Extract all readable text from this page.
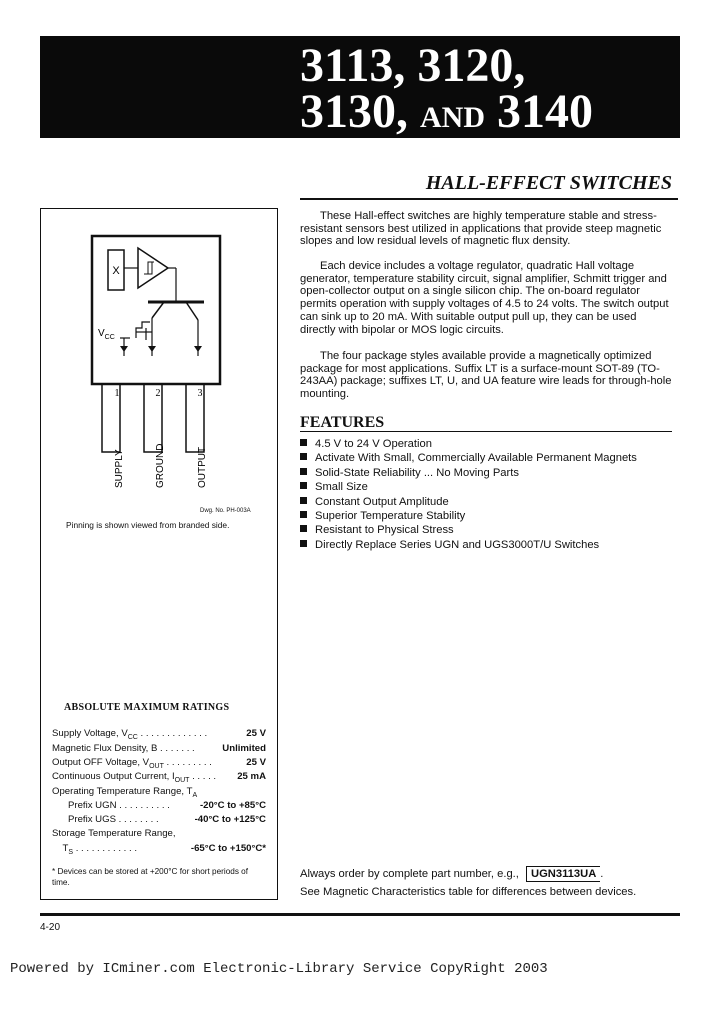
3113, 3120,
3130, AND 3140
HALL-EFFECT SWITCHES
X
$V_{CC}$
1	2	3
SUPPLY	GROUND	OUTPUT
Dwg. No. PH-003A
Pinning is shown viewed from branded side.
ABSOLUTE MAXIMUM RATINGS
Supply Voltage, $V_{CC}$ . . . . . . . . . . . . .	25 V
Magnetic Flux Density, B . . . . . . .	Unlimited
Output OFF Voltage, $V_{OUT}$ . . . . . . . . .	25 V
Continuous Output Current, $I_{OUT}$ . . . . . 25 mA
Operating Temperature Range, $T_A$
Prefix UGN . . . . . . . . . .	-20°C to +85°C
Prefix UGS . . . . . . . .	-40°C to +125°C
Storage Temperature Range,
$T_S$ . . . . . . . . . . . .	-65°C to +150°C*
* Devices can be stored at +200°C for short periods of time.
These Hall-effect switches are highly temperature stable and stress-resistant sensors best utilized in applications that provide steep magnetic slopes and low residual levels of magnetic flux density.
Each device includes a voltage regulator, quadratic Hall voltage generator, temperature stability circuit, signal amplifier, Schmitt trigger and open-collector output on a single silicon chip. The on-board regulator permits operation with supply voltages of 4.5 to 24 volts. The switch output can sink up to 20 mA. With suitable output pull up, they can be used directly with bipolar or MOS logic circuits.
The four package styles available provide a magnetically optimized package for most applications. Suffix LT is a surface-mount SOT-89 (TO-243AA) package; suffixes LT, U, and UA feature wire leads for through-hole mounting.
FEATURES
4.5 V to 24 V Operation
Activate With Small, Commercially Available Permanent Magnets
Solid-State Reliability ... No Moving Parts
Small Size
Constant Output Amplitude
Superior Temperature Stability
Resistant to Physical Stress
Directly Replace Series UGN and UGS3000T/U Switches
Always order by complete part number, e.g., UGN3113UA .
See Magnetic Characteristics table for differences between devices.
4-20
Powered by ICminer.com Electronic-Library Service CopyRight 2003
